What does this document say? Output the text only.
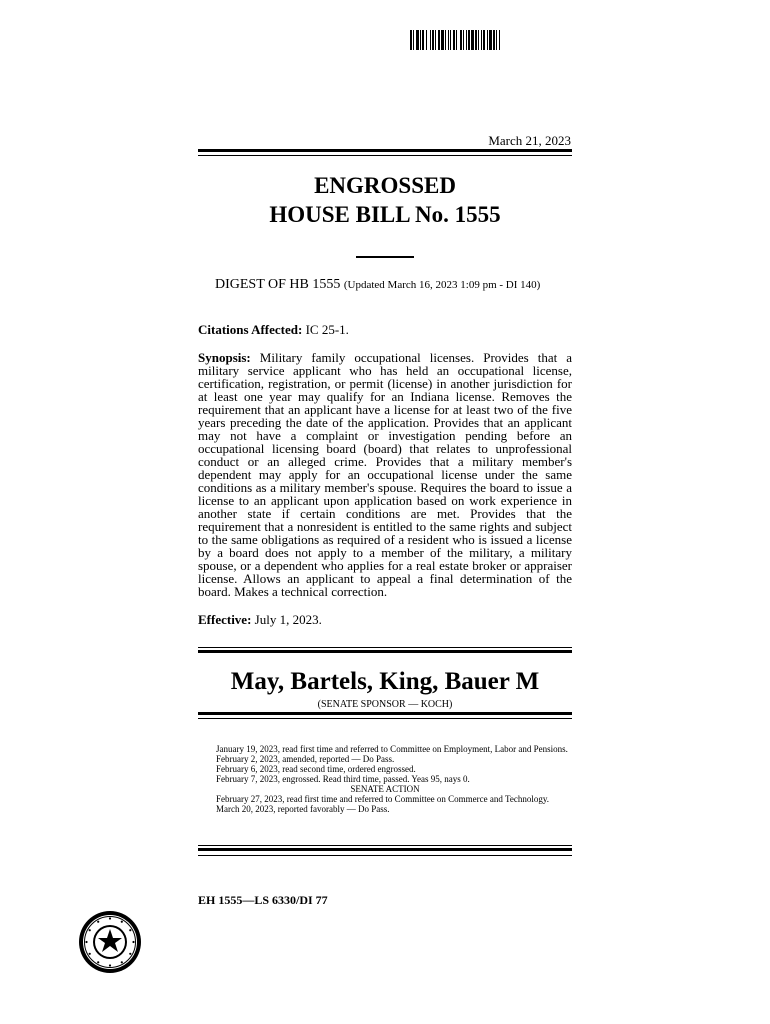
March 21, 2023
ENGROSSED
HOUSE BILL No. 1555
DIGEST OF HB 1555 (Updated March 16, 2023 1:09 pm - DI 140)
Citations Affected: IC 25-1.
Synopsis: Military family occupational licenses. Provides that a military service applicant who has held an occupational license, certification, registration, or permit (license) in another jurisdiction for at least one year may qualify for an Indiana license. Removes the requirement that an applicant have a license for at least two of the five years preceding the date of the application. Provides that an applicant may not have a complaint or investigation pending before an occupational licensing board (board) that relates to unprofessional conduct or an alleged crime. Provides that a military member's dependent may apply for an occupational license under the same conditions as a military member's spouse. Requires the board to issue a license to an applicant upon application based on work experience in another state if certain conditions are met. Provides that the requirement that a nonresident is entitled to the same rights and subject to the same obligations as required of a resident who is issued a license by a board does not apply to a member of the military, a military spouse, or a dependent who applies for a real estate broker or appraiser license. Allows an applicant to appeal a final determination of the board. Makes a technical correction.
Effective: July 1, 2023.
May, Bartels, King, Bauer M
(SENATE SPONSOR — KOCH)
January 19, 2023, read first time and referred to Committee on Employment, Labor and Pensions.
February 2, 2023, amended, reported — Do Pass.
February 6, 2023, read second time, ordered engrossed.
February 7, 2023, engrossed. Read third time, passed. Yeas 95, nays 0.
SENATE ACTION
February 27, 2023, read first time and referred to Committee on Commerce and Technology.
March 20, 2023, reported favorably — Do Pass.
EH 1555—LS 6330/DI 77
